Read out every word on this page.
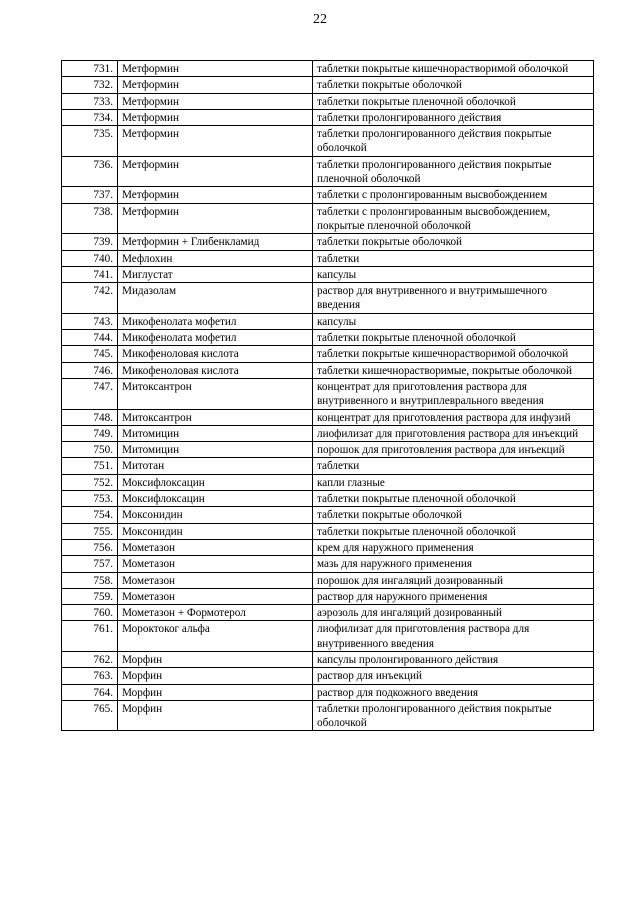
22
731.	Метформин	таблетки покрытые кишечнорастворимой оболочкой
732.	Метформин	таблетки покрытые оболочкой
733.	Метформин	таблетки покрытые пленочной оболочкой
734.	Метформин	таблетки пролонгированного действия
735.	Метформин	таблетки пролонгированного действия покрытые оболочкой
736.	Метформин	таблетки пролонгированного действия покрытые пленочной оболочкой
737.	Метформин	таблетки с пролонгированным высвобождением
738.	Метформин	таблетки с пролонгированным высвобождением, покрытые пленочной оболочкой
739.	Метформин + Глибенкламид	таблетки покрытые оболочкой
740.	Мефлохин	таблетки
741.	Миглустат	капсулы
742.	Мидазолам	раствор для внутривенного и внутримышечного введения
743.	Микофенолата мофетил	капсулы
744.	Микофенолата мофетил	таблетки покрытые пленочной оболочкой
745.	Микофеноловая кислота	таблетки покрытые кишечнорастворимой оболочкой
746.	Микофеноловая кислота	таблетки кишечнорастворимые, покрытые оболочкой
747.	Митоксантрон	концентрат для приготовления раствора для внутривенного и внутриплеврального введения
748.	Митоксантрон	концентрат для приготовления раствора для инфузий
749.	Митомицин	лиофилизат для приготовления раствора для инъекций
750.	Митомицин	порошок для приготовления раствора для инъекций
751.	Митотан	таблетки
752.	Моксифлоксацин	капли глазные
753.	Моксифлоксацин	таблетки покрытые пленочной оболочкой
754.	Моксонидин	таблетки покрытые оболочкой
755.	Моксонидин	таблетки покрытые пленочной оболочкой
756.	Мометазон	крем для наружного применения
757.	Мометазон	мазь для наружного применения
758.	Мометазон	порошок для ингаляций дозированный
759.	Мометазон	раствор для наружного применения
760.	Мометазон + Формотерол	аэрозоль для ингаляций дозированный
761.	Мороктоког альфа	лиофилизат для приготовления раствора для внутривенного введения
762.	Морфин	капсулы пролонгированного действия
763.	Морфин	раствор для инъекций
764.	Морфин	раствор для подкожного введения
765.	Морфин	таблетки пролонгированного действия покрытые оболочкой
